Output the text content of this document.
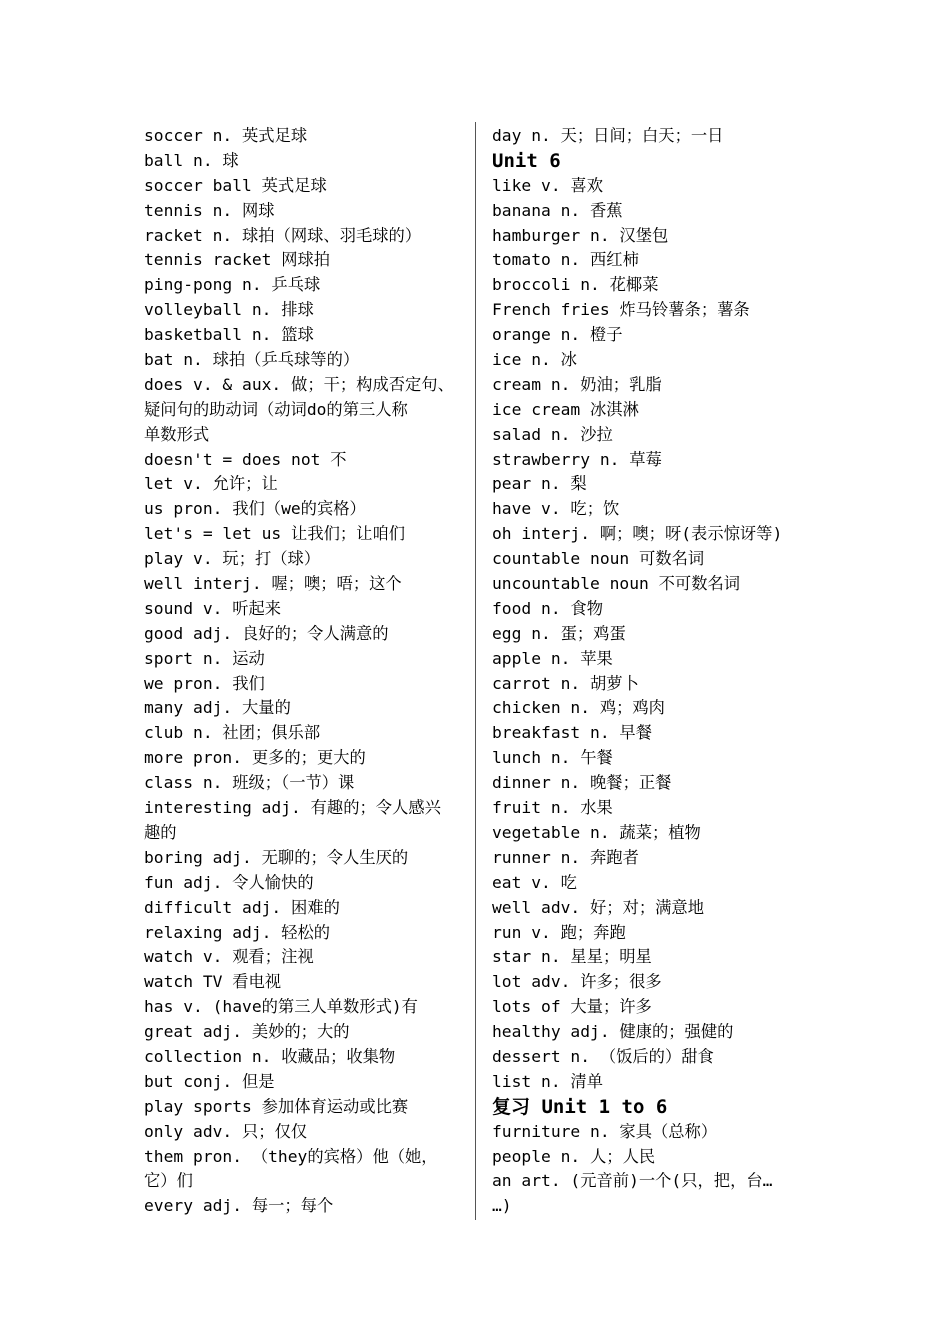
soccer n. 英式足球
ball n. 球
soccer ball 英式足球
tennis n. 网球
racket n. 球拍（网球、羽毛球的）
tennis racket 网球拍
ping-pong n. 乒乓球
volleyball n. 排球
basketball n. 篮球
bat n. 球拍（乒乓球等的）
does v. & aux. 做；干；构成否定句、
疑问句的助动词（动词do的第三人称
单数形式
doesn't = does not 不
let v. 允许；让
us pron. 我们（we的宾格）
let's = let us 让我们；让咱们
play v. 玩；打（球）
well interj. 喔；噢；唔；这个
sound v. 听起来
good adj. 良好的；令人满意的
sport n. 运动
we pron. 我们
many adj. 大量的
club n. 社团；俱乐部
more pron. 更多的；更大的
class n. 班级；（一节）课
interesting adj. 有趣的；令人感兴
趣的
boring adj. 无聊的；令人生厌的
fun adj. 令人愉快的
difficult adj. 困难的
relaxing adj. 轻松的
watch v. 观看；注视
watch TV 看电视
has v. (have的第三人单数形式)有
great adj. 美妙的；大的
collection n. 收藏品；收集物
but conj. 但是
play sports 参加体育运动或比赛
only adv. 只；仅仅
them pron. （they的宾格）他（她，
它）们
every adj. 每一；每个
day n. 天；日间；白天；一日
Unit 6
like v. 喜欢
banana n. 香蕉
hamburger n. 汉堡包
tomato n. 西红柿
broccoli n. 花椰菜
French fries 炸马铃薯条；薯条
orange n. 橙子
ice n. 冰
cream n. 奶油；乳脂
ice cream 冰淇淋
salad n. 沙拉
strawberry n. 草莓
pear n. 梨
have v. 吃；饮
oh interj. 啊；噢；呀(表示惊讶等)
countable noun 可数名词
uncountable noun 不可数名词
food n. 食物
egg n. 蛋；鸡蛋
apple n. 苹果
carrot n. 胡萝卜
chicken n. 鸡；鸡肉
breakfast n. 早餐
lunch n. 午餐
dinner n. 晚餐；正餐
fruit n. 水果
vegetable n. 蔬菜；植物
runner n. 奔跑者
eat v. 吃
well adv. 好；对；满意地
run v. 跑；奔跑
star n. 星星；明星
lot adv. 许多；很多
lots of 大量；许多
healthy adj. 健康的；强健的
dessert n. （饭后的）甜食
list n. 清单
复习 Unit 1 to 6
furniture n. 家具（总称）
people n. 人；人民
an art. (元音前)一个(只，把，台…
…)
